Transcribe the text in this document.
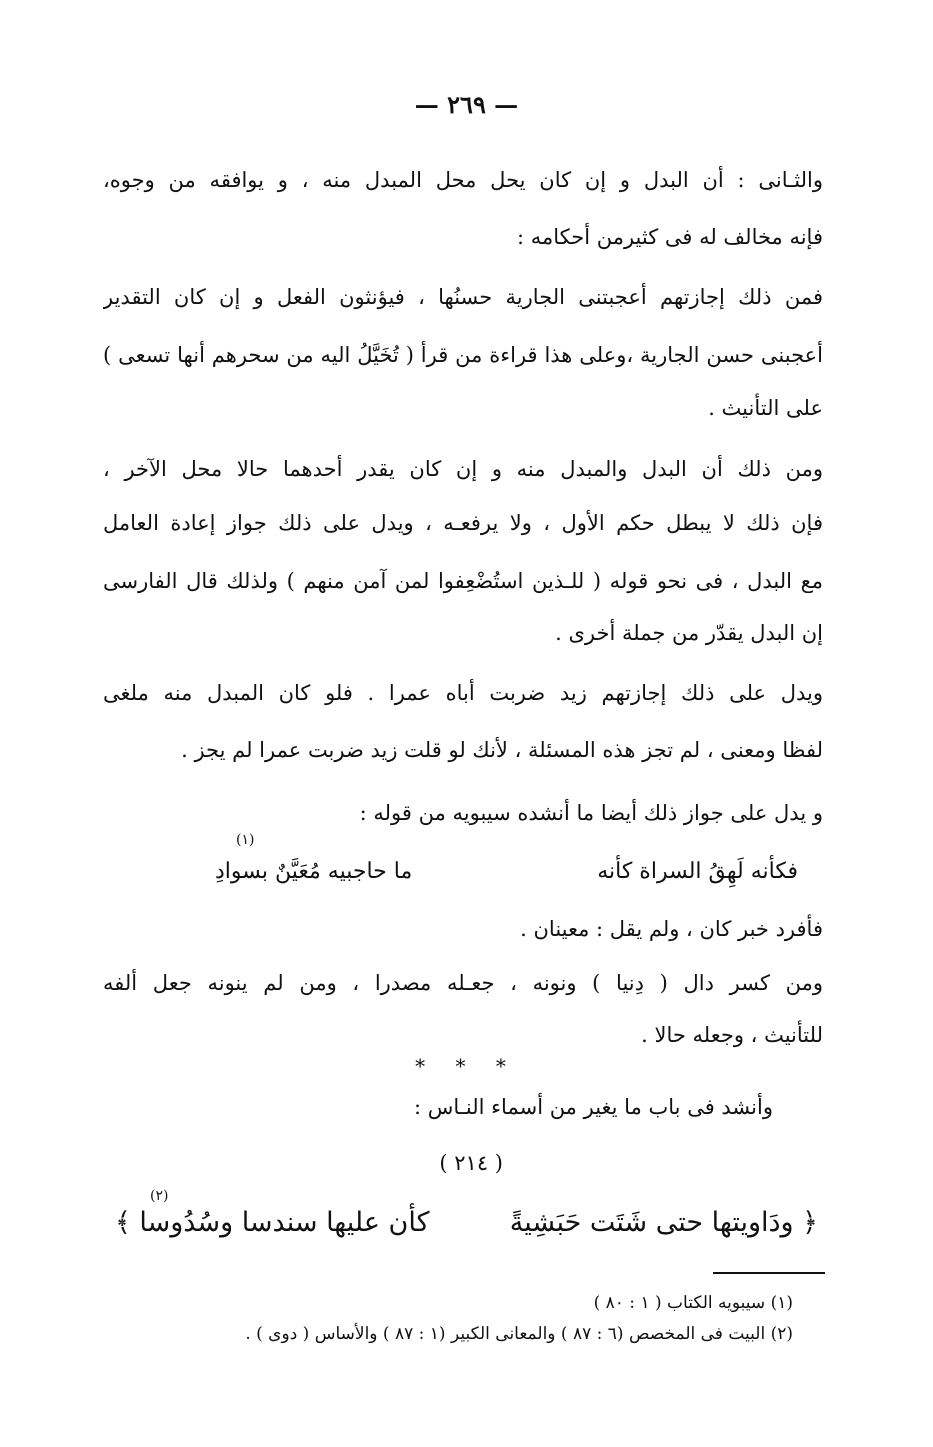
— ٢٦٩ —
والثـانى : أن البدل و إن كان يحل محل المبدل منه ، و يوافقه من وجوه،
فإنه مخالف له فى كثيرمن أحكامه :
فمن ذلك إجازتهم أعجبتنى الجارية حسنُها ، فيؤنثون الفعل و إن كان التقدير
أعجبنى حسن الجارية ،وعلى هذا قراءة من قرأ ( تُخَيَّلُ اليه من سحرهم أنها تسعى )
على التأنيث .
ومن ذلك أن البدل والمبدل منه و إن كان يقدر أحدهما حالا محل الآخر ،
فإن ذلك لا يبطل حكم الأول ، ولا يرفعـه ، ويدل على ذلك جواز إعادة العامل
مع البدل ، فى نحو قوله ( للـذين استُضْعِفوا لمن آمن منهم ) ولذلك قال الفارسى
إن البدل يقدّر من جملة أخرى .
ويدل على ذلك إجازتهم زيد ضربت أباه عمرا . فلو كان المبدل منه ملغى
لفظا ومعنى ، لم تجز هذه المسئلة ، لأنك لو قلت زيد ضربت عمرا لم يجز .
و يدل على جواز ذلك أيضا ما أنشده سيبويه من قوله :
فكأنه لَهِقُ السراة كأنه
ما حاجبيه مُعَيَّنٌ بسوادِ
(١)
فأفرد خبر كان ، ولم يقل : معينان .
ومن كسر دال ( دِنيا ) ونونه ، جعـله مصدرا ، ومن لم ينونه جعل ألفه
للتأنيث ، وجعله حالا .
* * *
وأنشد فى باب ما يغير من أسماء النـاس :
( ٢١٤ )
﴿ ودَاويتها حتى شَتَت حَبَشِيةً
كأن عليها سندسا وسُدُوسا ﴾
(٢)
(١) سيبويه الكتاب ( ١ : ٨٠ )
(٢) البيت فى المخصص (٦ : ٨٧ ) والمعانى الكبير (١ : ٨٧ ) والأساس ( دوى ) .
